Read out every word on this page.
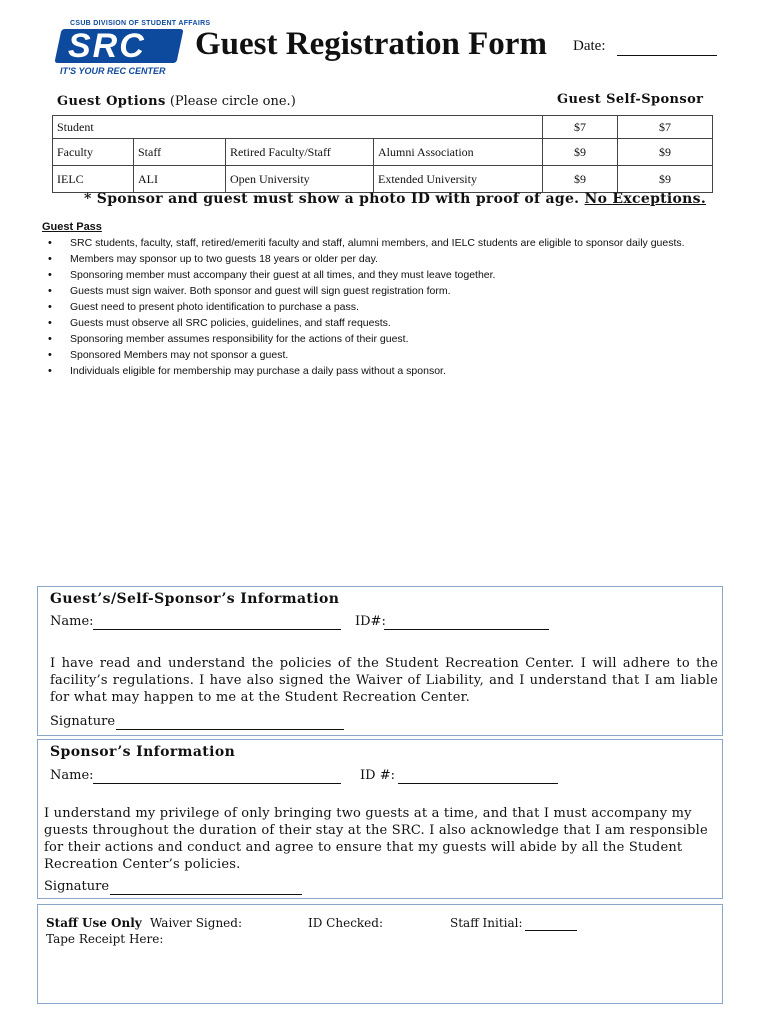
CSUB DIVISION OF STUDENT AFFAIRS
SRC
IT'S YOUR REC CENTER
Guest Registration Form Date:
Guest Options (Please circle one.)	Guest Self-Sponsor
Student				$7	$7
Faculty	Staff	Retired Faculty/Staff	Alumni Association	$9	$9
IELC	ALI	Open University	Extended University	$9	$9
* Sponsor and guest must show a photo ID with proof of age. No Exceptions.
Guest Pass
• SRC students, faculty, staff, retired/emeriti faculty and staff, alumni members, and IELC students are eligible to sponsor daily guests.
• Members may sponsor up to two guests 18 years or older per day.
• Sponsoring member must accompany their guest at all times, and they must leave together.
• Guests must sign waiver. Both sponsor and guest will sign guest registration form.
• Guest need to present photo identification to purchase a pass.
• Guests must observe all SRC policies, guidelines, and staff requests.
• Sponsoring member assumes responsibility for the actions of their guest.
• Sponsored Members may not sponsor a guest.
• Individuals eligible for membership may purchase a daily pass without a sponsor.
Guest’s/Self-Sponsor’s Information
Name:	ID#:
I have read and understand the policies of the Student Recreation Center. I will adhere to the facility’s regulations. I have also signed the Waiver of Liability, and I understand that I am liable for what may happen to me at the Student Recreation Center.
Signature
Sponsor’s Information
Name:	ID #:
I understand my privilege of only bringing two guests at a time, and that I must accompany my guests throughout the duration of their stay at the SRC. I also acknowledge that I am responsible for their actions and conduct and agree to ensure that my guests will abide by all the Student Recreation Center’s policies.
Signature
Staff Use Only Waiver Signed:	ID Checked:	Staff Initial:
Tape Receipt Here:
